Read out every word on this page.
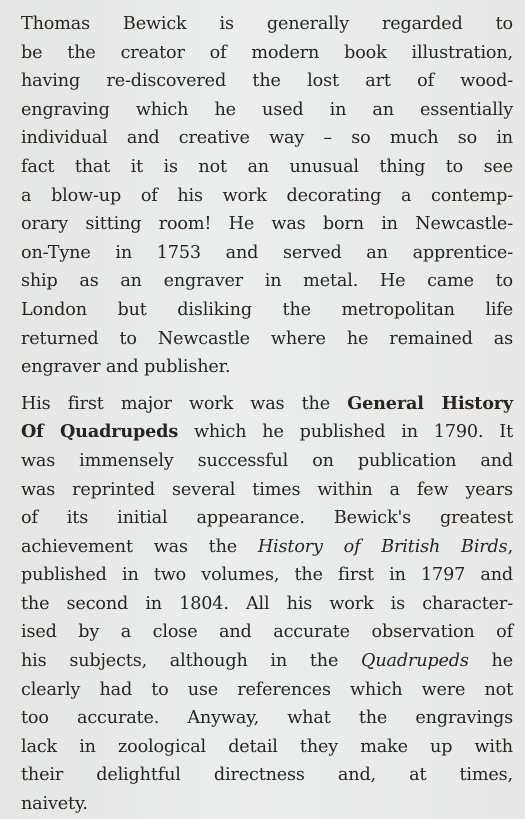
Thomas Bewick is generally regarded to
be the creator of modern book illustration,
having re-discovered the lost art of wood-
engraving which he used in an essentially
individual and creative way – so much so in
fact that it is not an unusual thing to see
a blow-up of his work decorating a contemp-
orary sitting room! He was born in Newcastle-
on-Tyne in 1753 and served an apprentice-
ship as an engraver in metal. He came to
London but disliking the metropolitan life
returned to Newcastle where he remained as
engraver and publisher.

His first major work was the General History
Of Quadrupeds which he published in 1790. It
was immensely successful on publication and
was reprinted several times within a few years
of its initial appearance. Bewick's greatest
achievement was the History of British Birds,
published in two volumes, the first in 1797 and
the second in 1804. All his work is character-
ised by a close and accurate observation of
his subjects, although in the Quadrupeds he
clearly had to use references which were not
too accurate. Anyway, what the engravings
lack in zoological detail they make up with
their delightful directness and, at times,
naivety.
